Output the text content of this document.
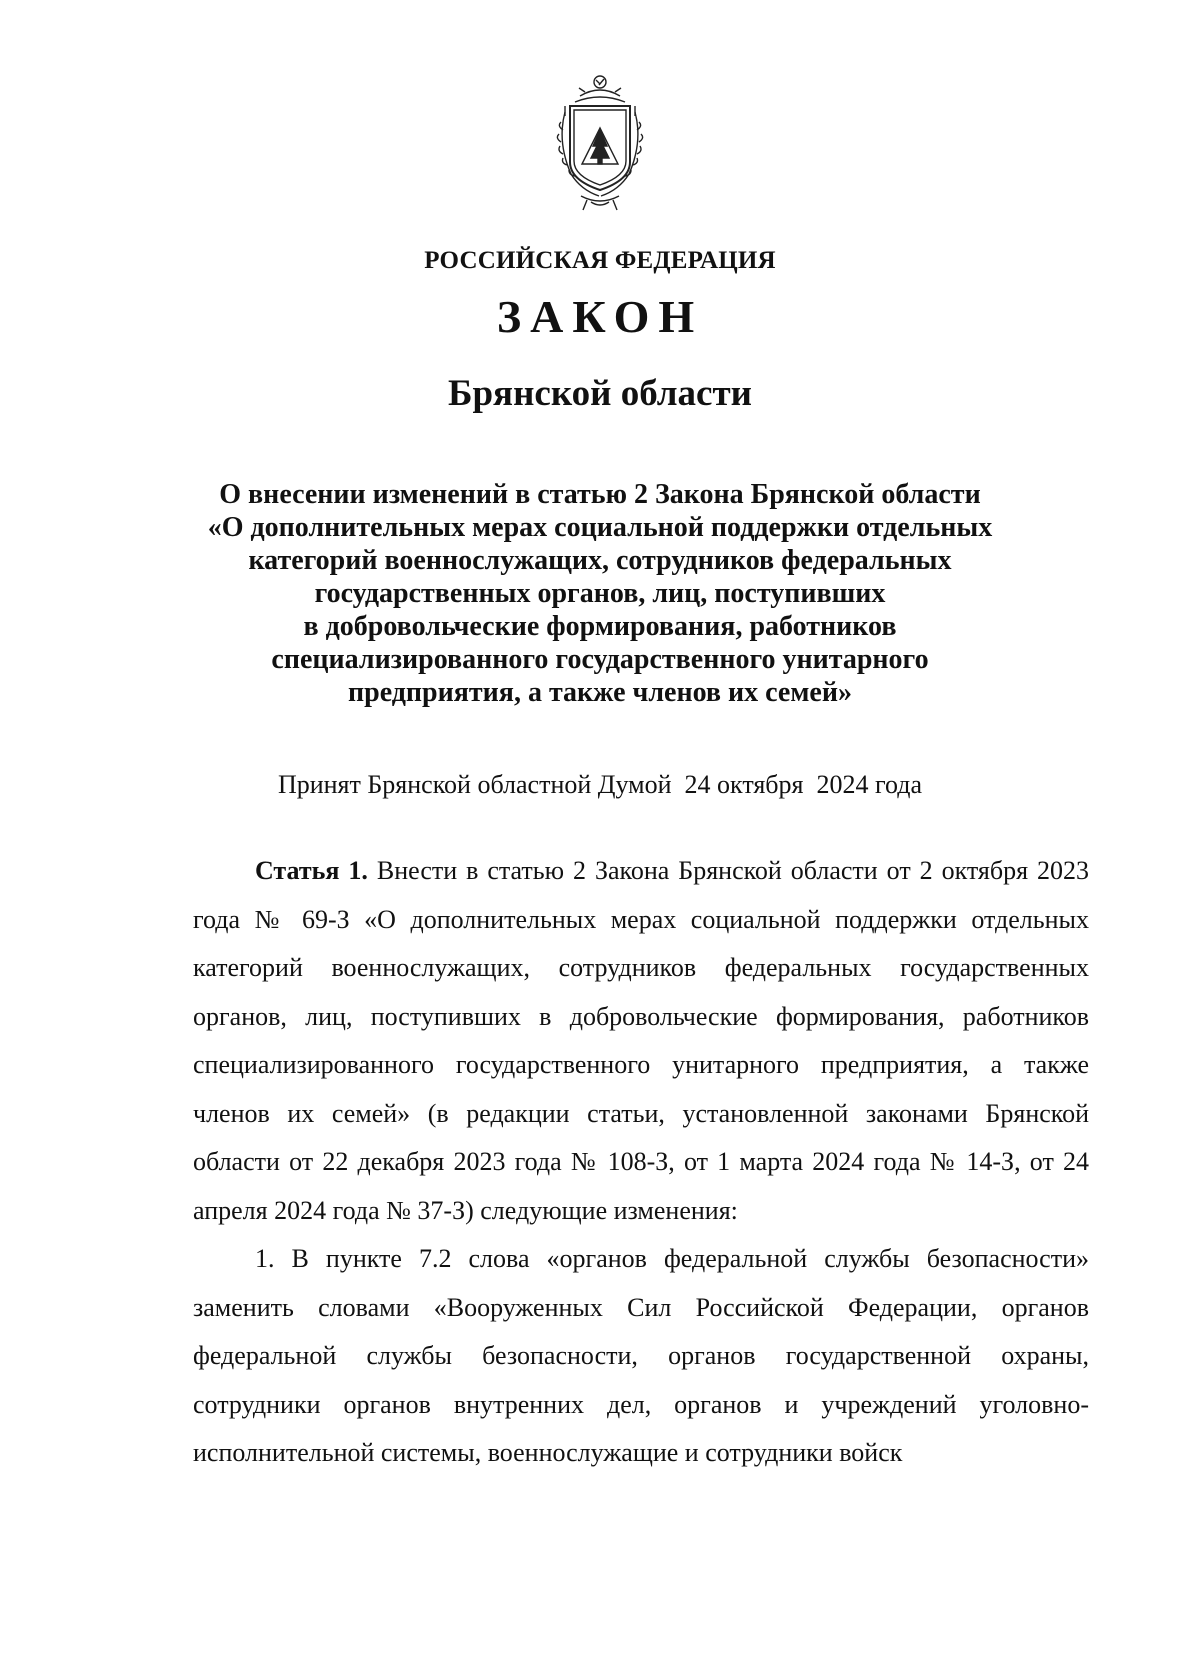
РОССИЙСКАЯ ФЕДЕРАЦИЯ
ЗАКОН
Брянской области
О внесении изменений в статью 2 Закона Брянской области
«О дополнительных мерах социальной поддержки отдельных
категорий военнослужащих, сотрудников федеральных
государственных органов, лиц, поступивших
в добровольческие формирования, работников
специализированного государственного унитарного
предприятия, а также членов их семей»
Принят Брянской областной Думой  24 октября  2024 года

Статья 1. Внести в статью 2 Закона Брянской области от 2 октября 2023 года № 69-З «О дополнительных мерах социальной поддержки отдельных категорий военнослужащих, сотрудников федеральных государственных органов, лиц, поступивших в добровольческие формирования, работников специализированного государственного унитарного предприятия, а также членов их семей» (в редакции статьи, установленной законами Брянской области от 22 декабря 2023 года № 108-З, от 1 марта 2024 года № 14-З, от 24 апреля 2024 года № 37-З) следующие изменения:

1. В пункте 7.2 слова «органов федеральной службы безопасности» заменить словами «Вооруженных Сил Российской Федерации, органов федеральной службы безопасности, органов государственной охраны, сотрудники органов внутренних дел, органов и учреждений уголовно-исполнительной системы, военнослужащие и сотрудники войск
